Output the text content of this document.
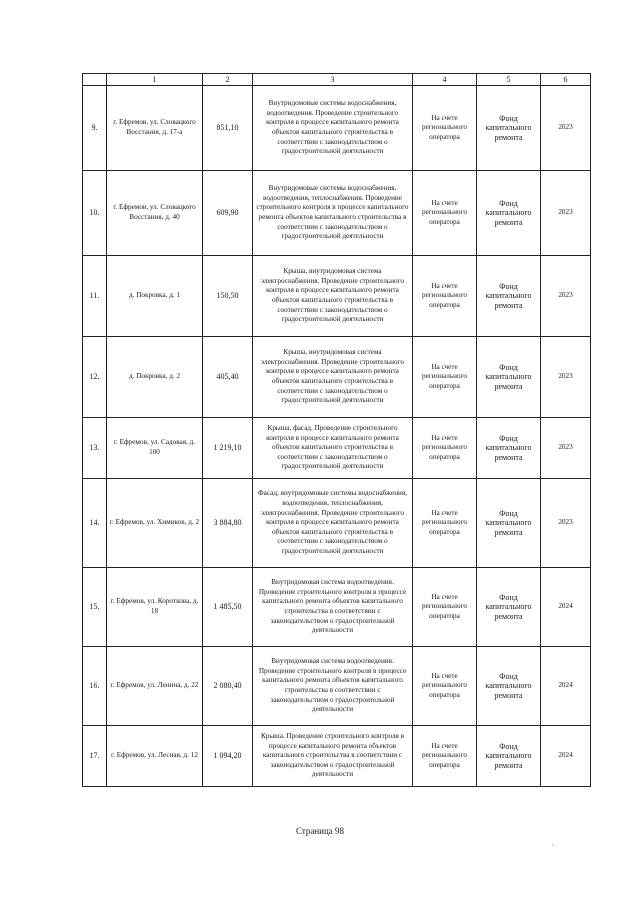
	1	2	3	4	5	6
9.	г. Ефремов, ул. Словацкого Восстания, д. 17-а	851,10	Внутридомовые системы водоснабжения, водоотведения. Проведение строительного контроля в процессе капитального ремонта объектов капитального строительства в соответствии с законодательством о градостроительной деятельности	На счете регионального оператора	Фонд капитального ремонта	2023
10.	г. Ефремов, ул. Словацкого Восстания, д. 40	609,90	Внутридомовые системы водоснабжения, водоотведения, теплоснабжения. Проведение строительного контроля в процессе капитального ремонта объектов капитального строительства в соответствии с законодательством о градостроительной деятельности	На счете регионального оператора	Фонд капитального ремонта	2023
11.	д. Покровка, д. 1	150,50	Крыша, внутридомовая система электроснабжения. Проведение строительного контроля в процессе капитального ремонта объектов капитального строительства в соответствии с законодательством о градостроительной деятельности	На счете регионального оператора	Фонд капитального ремонта	2023
12.	д. Покровка, д. 2	405,40	Крыша, внутридомовая система электроснабжения. Проведение строительного контроля в процессе капитального ремонта объектов капитального строительства в соответствии с законодательством о градостроительной деятельности	На счете регионального оператора	Фонд капитального ремонта	2023
13.	г. Ефремов, ул. Садовая, д. 100	1 219,10	Крыша, фасад. Проведение строительного контроля в процессе капитального ремонта объектов капитального строительства в соответствии с законодательством о градостроительной деятельности	На счете регионального оператора	Фонд капитального ремонта	2023
14.	г. Ефремов, ул. Химиков, д. 2	3 884,80	Фасад, внутридомовые системы водоснабжения, водоотведения, теплоснабжения, электроснабжения. Проведение строительного контроля в процессе капитального ремонта объектов капитального строительства в соответствии с законодательством о градостроительной деятельности	На счете регионального оператора	Фонд капитального ремонта	2023
15.	г. Ефремов, ул. Короткова, д. 18	1 485,50	Внутридомовая система водоотведения. Проведение строительного контроля в процессе капитального ремонта объектов капитального строительства в соответствии с законодательством о градостроительной деятельности	На счете регионального оператора	Фонд капитального ремонта	2024
16.	г. Ефремов, ул. Ленина, д. 22	2 080,40	Внутридомовая система водоотведения. Проведение строительного контроля в процессе капитального ремонта объектов капитального строительства в соответствии с законодательством о градостроительной деятельности	На счете регионального оператора	Фонд капитального ремонта	2024
17.	г. Ефремов, ул. Лесная, д. 12	1 094,20	Крыша. Проведение строительного контроля в процессе капитального ремонта объектов капитального строительства в соответствии с законодательством о градостроительной деятельности	На счете регионального оператора	Фонд капитального ремонта	2024
Страница 98
.
